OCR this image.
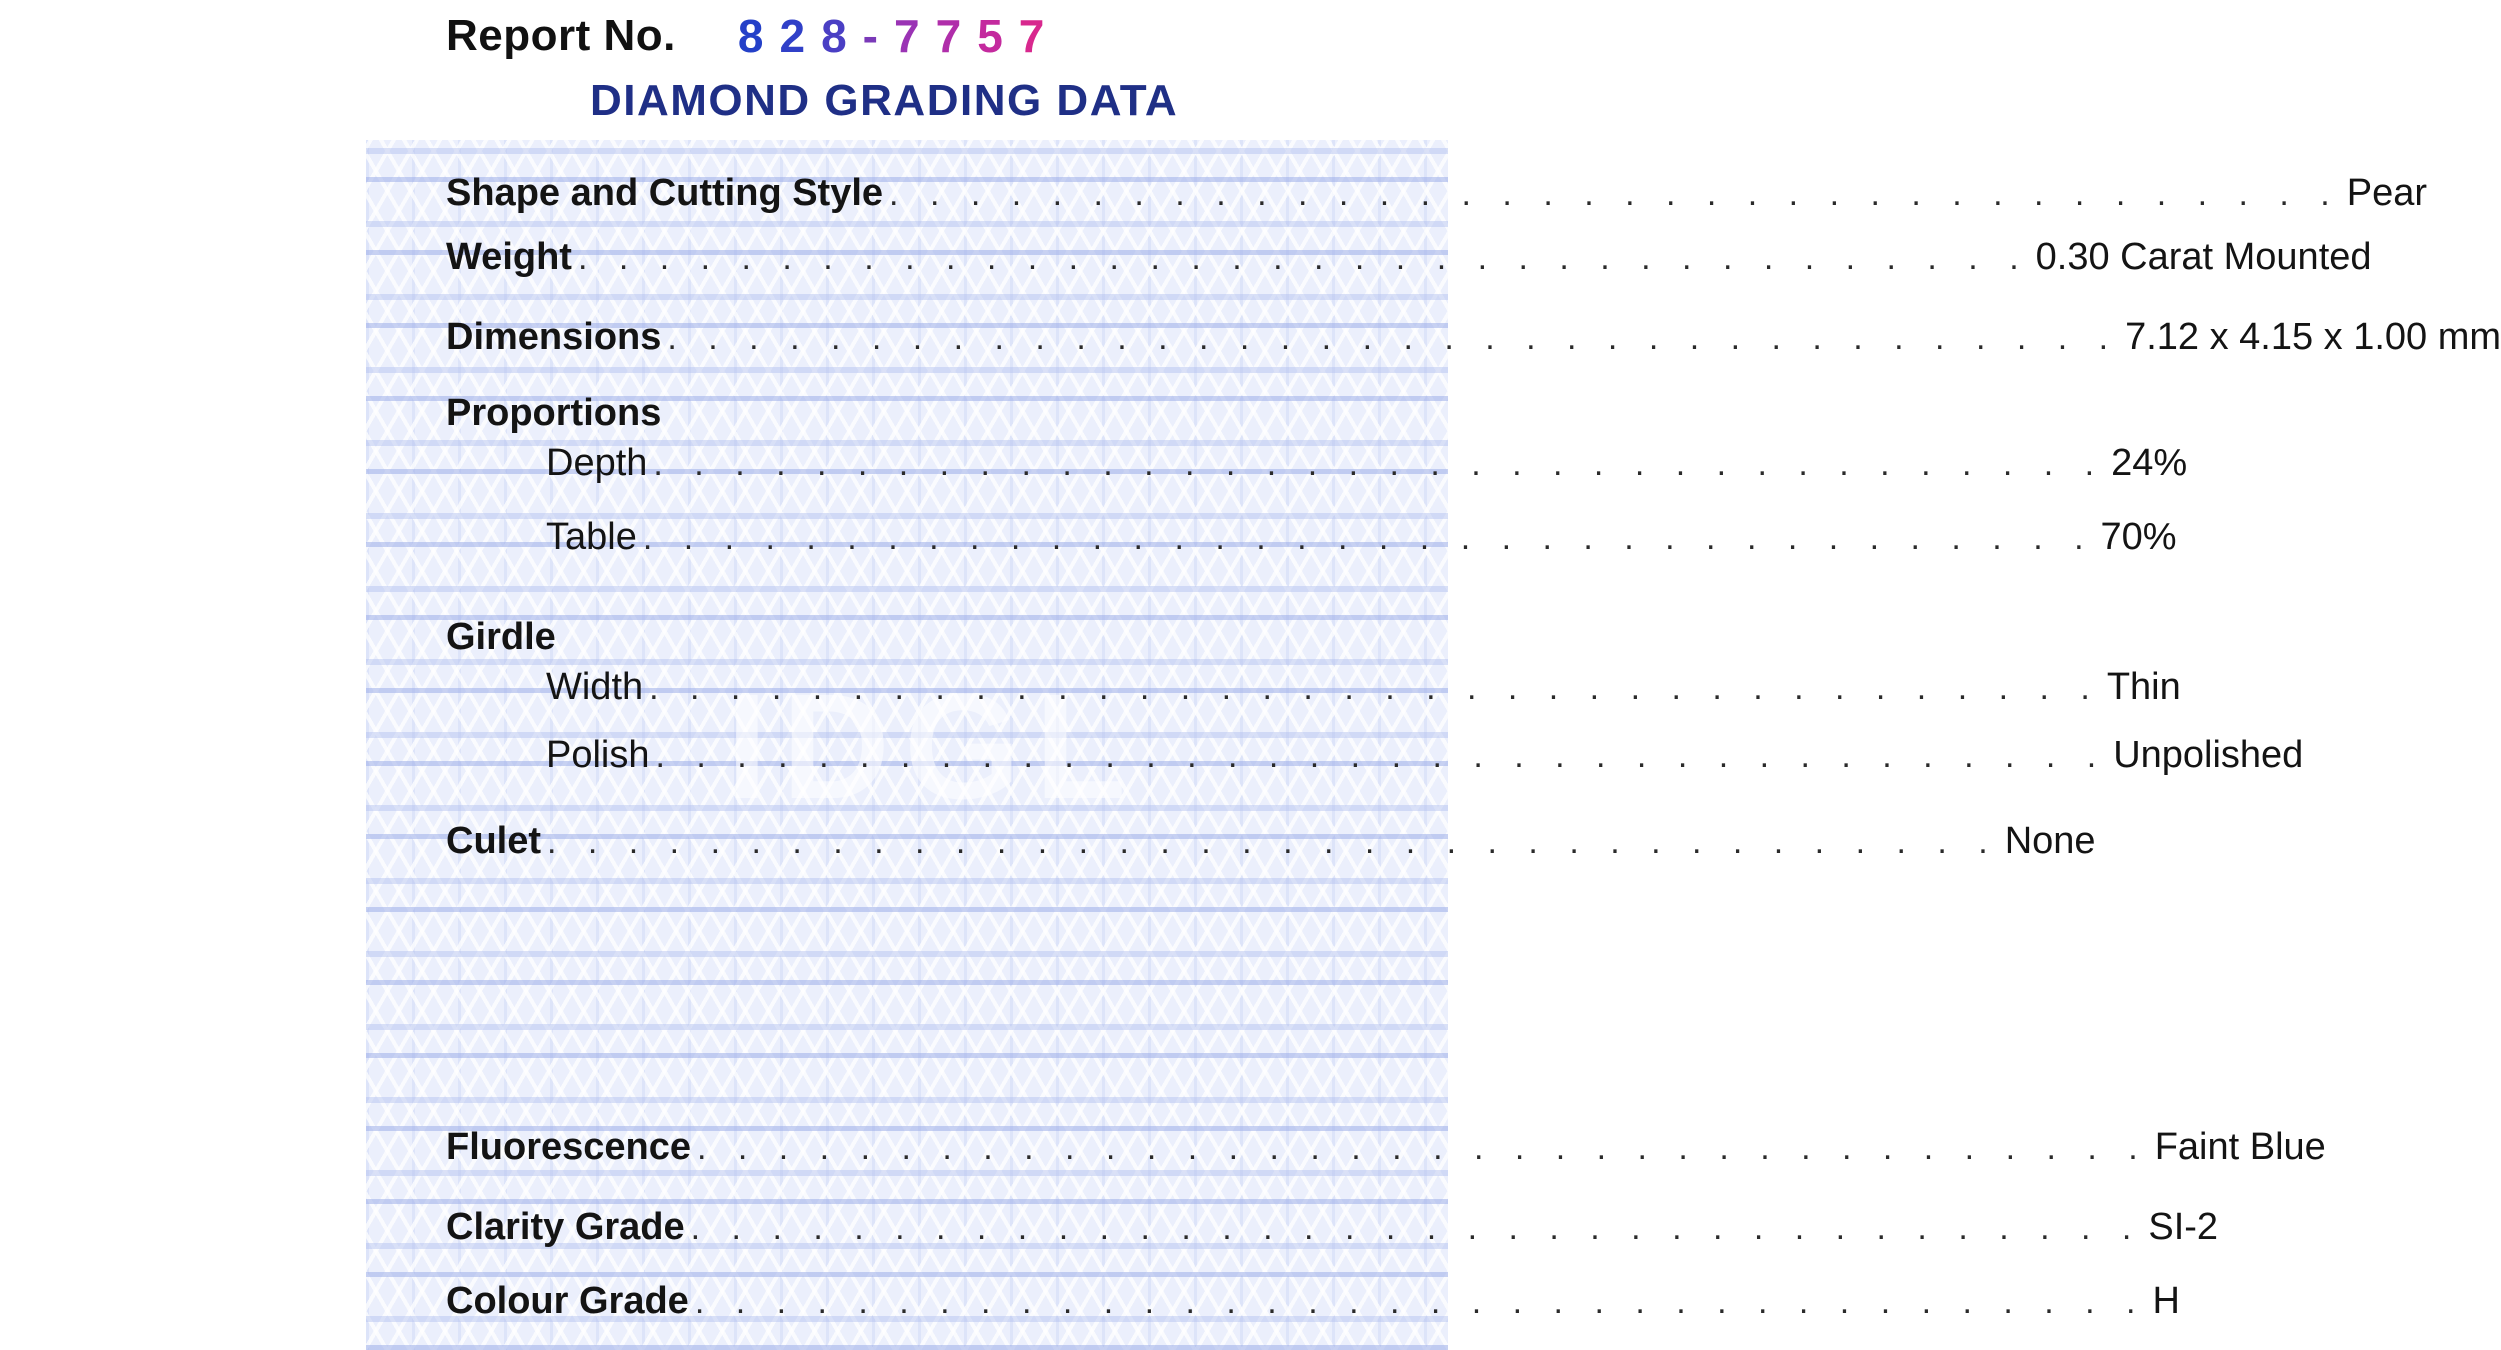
Report No. 8 2 8 - 7 7 5 7
DIAMOND GRADING DATA
IDGL
Shape and Cutting Style . . . . . . . . . . . . . . . . . . . . . . . . . . . . . . . . . . . . Pear
Weight . . . . . . . . . . . . . . . . . . . . . . . . . . . . . . . . . . . . 0.30 Carat Mounted
Dimensions . . . . . . . . . . . . . . . . . . . . . . . . . . . . . . . . . . . . 7.12 x 4.15 x 1.00 mm
Proportions
Depth . . . . . . . . . . . . . . . . . . . . . . . . . . . . . . . . . . . . 24%
Table . . . . . . . . . . . . . . . . . . . . . . . . . . . . . . . . . . . . 70%
Girdle
Width . . . . . . . . . . . . . . . . . . . . . . . . . . . . . . . . . . . . Thin
Polish . . . . . . . . . . . . . . . . . . . . . . . . . . . . . . . . . . . . Unpolished
Culet . . . . . . . . . . . . . . . . . . . . . . . . . . . . . . . . . . . . None
Fluorescence . . . . . . . . . . . . . . . . . . . . . . . . . . . . . . . . . . . . Faint Blue
Clarity Grade . . . . . . . . . . . . . . . . . . . . . . . . . . . . . . . . . . . . SI-2
Colour Grade . . . . . . . . . . . . . . . . . . . . . . . . . . . . . . . . . . . . H
